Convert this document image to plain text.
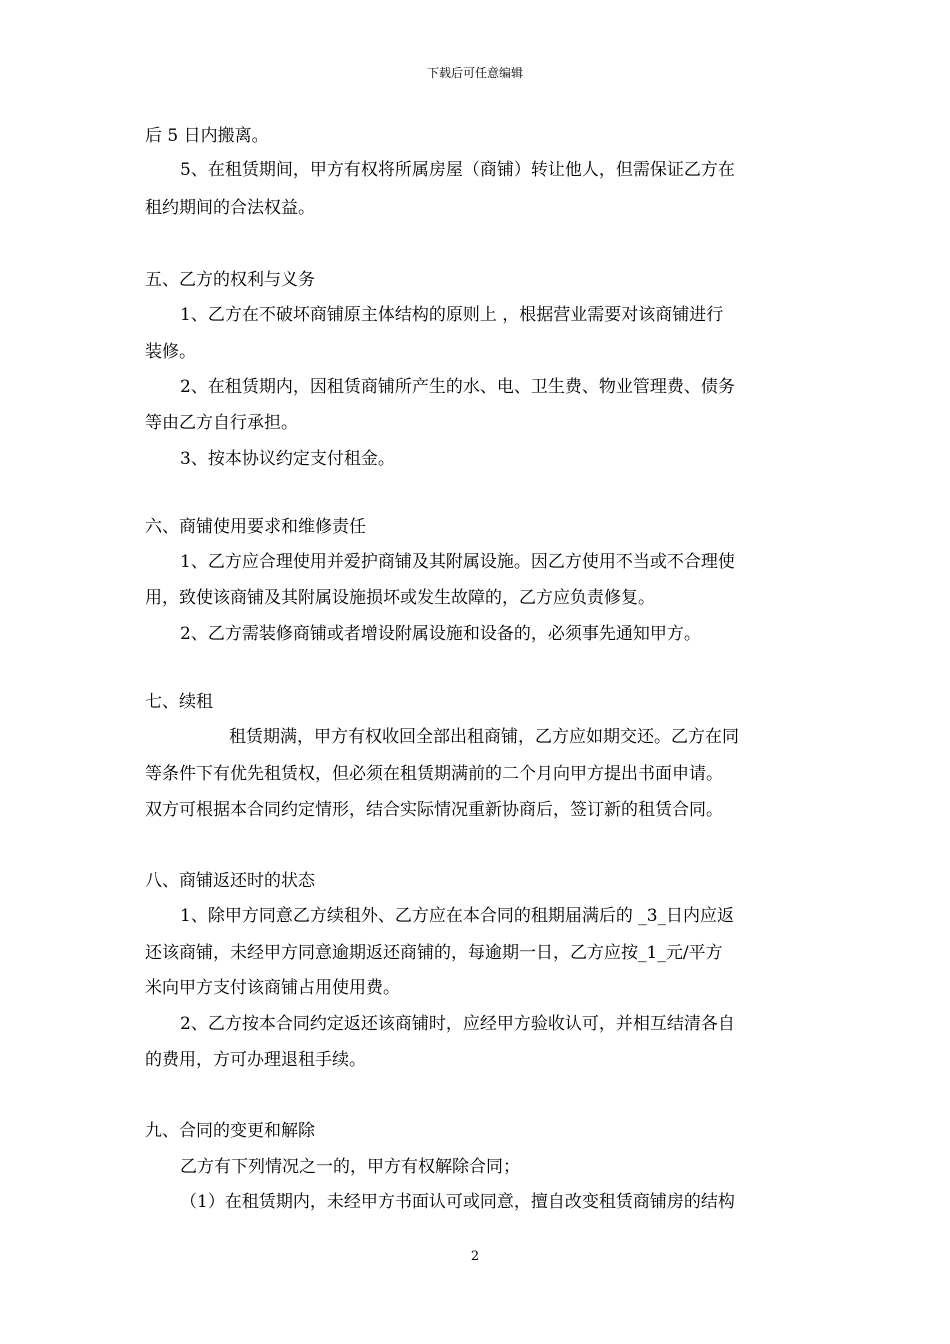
下载后可任意编辑
后 5 日内搬离。
5、在租赁期间，甲方有权将所属房屋（商铺）转让他人，但需保证乙方在
租约期间的合法权益。
五、乙方的权利与义务
1、乙方在不破坏商铺原主体结构的原则上 ，根据营业需要对该商铺进行
装修。
2、在租赁期内，因租赁商铺所产生的水、电、卫生费、物业管理费、债务
等由乙方自行承担。
3、按本协议约定支付租金。
六、商铺使用要求和维修责任
1、乙方应合理使用并爱护商铺及其附属设施。因乙方使用不当或不合理使
用，致使该商铺及其附属设施损坏或发生故障的，乙方应负责修复。
2、乙方需装修商铺或者增设附属设施和设备的，必须事先通知甲方。
七、续租
租赁期满，甲方有权收回全部出租商铺，乙方应如期交还。乙方在同
等条件下有优先租赁权，但必须在租赁期满前的二个月向甲方提出书面申请。
双方可根据本合同约定情形，结合实际情况重新协商后，签订新的租赁合同。
八、商铺返还时的状态
1、除甲方同意乙方续租外、乙方应在本合同的租期届满后的 _3_日内应返
还该商铺，未经甲方同意逾期返还商铺的，每逾期一日，乙方应按_1_元/平方
米向甲方支付该商铺占用使用费。
2、乙方按本合同约定返还该商铺时，应经甲方验收认可，并相互结清各自
的费用，方可办理退租手续。
九、合同的变更和解除
乙方有下列情况之一的，甲方有权解除合同；
（1）在租赁期内，未经甲方书面认可或同意，擅自改变租赁商铺房的结构
2
